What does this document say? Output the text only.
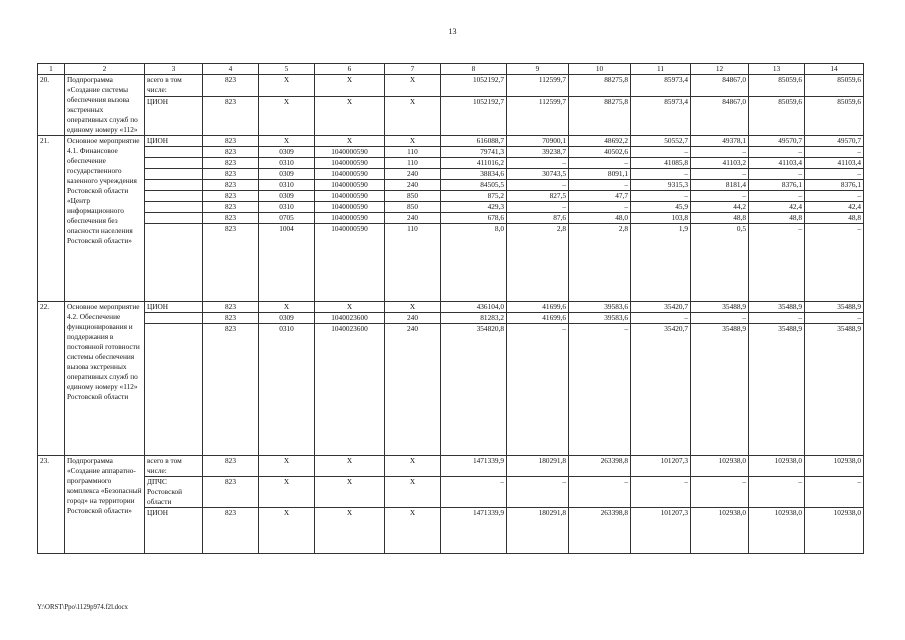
13
1	2	3	4	5	6	7	8	9	10	11	12	13	14
20.	Подпрограмма «Создание системы обеспечения вызова экстренных оперативных служб по единому номеру «112»	всего в том числе:	823	Х	Х	Х	1052192,7	112599,7	88275,8	85973,4	84867,0	85059,6	85059,6
		ЦИОН	823	Х	Х	Х	1052192,7	112599,7	88275,8	85973,4	84867,0	85059,6	85059,6
21.	Основное мероприятие 4.1. Финансовое обеспечение государственного казенного учреждения Ростовской области «Центр информационного обеспечения без опасности населения Ростовской области»	ЦИОН	823	Х	Х	Х	616088,7	70900,1	48692,2	50552,7	49378,1	49570,7	49570,7
			823	0309	1040000590	110	79741,3	39238,7	40502,6	–	–	–	–
			823	0310	1040000590	110	411016,2	–	–	41085,8	41103,2	41103,4	41103,4
			823	0309	1040000590	240	38834,6	30743,5	8091,1	–	–	–	–
			823	0310	1040000590	240	84505,5	–	–	9315,3	8181,4	8376,1	8376,1
			823	0309	1040000590	850	875,2	827,5	47,7	–	–	–	–
			823	0310	1040000590	850	429,3	–	–	45,9	44,2	42,4	42,4
			823	0705	1040000590	240	678,6	87,6	48,0	103,8	48,8	48,8	48,8
			823	1004	1040000590	110	8,0	2,8	2,8	1,9	0,5	–	–
22.	Основное мероприятие 4.2. Обеспечение функционирования и поддержания в постоянной готовности системы обеспечения вызова экстренных оперативных служб по единому номеру «112» Ростовской области	ЦИОН	823	Х	Х	Х	436104,0	41699,6	39583,6	35420,7	35488,9	35488,9	35488,9
			823	0309	1040023600	240	81283,2	41699,6	39583,6	–	–	–	–
			823	0310	1040023600	240	354820,8	–	–	35420,7	35488,9	35488,9	35488,9
23.	Подпрограмма «Создание аппаратно-программного комплекса «Безопасный город» на территории Ростовской области»	всего в том числе:	823	Х	Х	Х	1471339,9	180291,8	263398,8	101207,3	102938,0	102938,0	102938,0
		ДПЧС Ростовской области	823	Х	Х	Х	–	–	–	–	–	–	–
		ЦИОН	823	Х	Х	Х	1471339,9	180291,8	263398,8	101207,3	102938,0	102938,0	102938,0
Y:\ORST\Ppo\1129p974.f2l.docx
